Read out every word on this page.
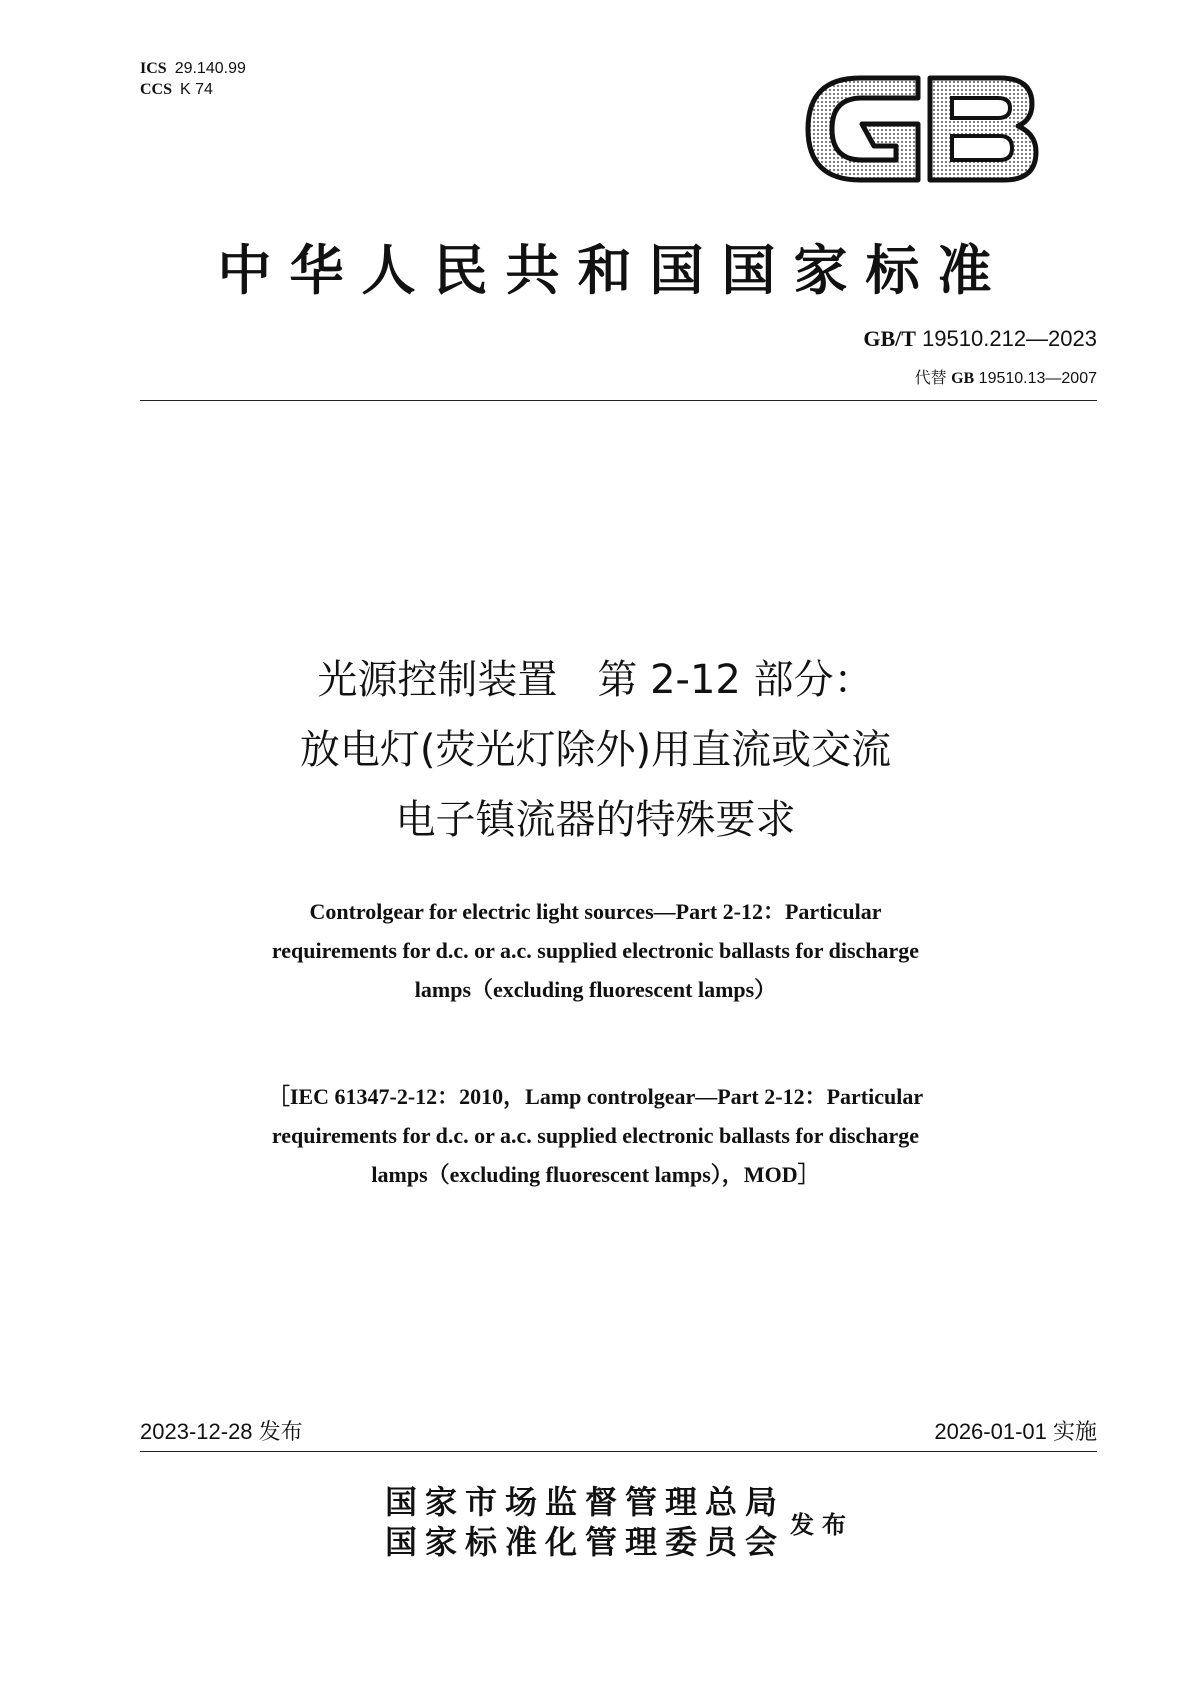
ICS 29.140.99
CCS K 74
中华人民共和国国家标准
GB/T 19510.212—2023
代替 GB 19510.13—2007
光源控制装置　第 2-12 部分：
放电灯(荧光灯除外)用直流或交流
电子镇流器的特殊要求
Controlgear for electric light sources—Part 2-12：Particular
requirements for d.c. or a.c. supplied electronic ballasts for discharge
lamps（excluding fluorescent lamps）
［IEC 61347-2-12：2010，Lamp controlgear—Part 2-12：Particular
requirements for d.c. or a.c. supplied electronic ballasts for discharge
lamps（excluding fluorescent lamps），MOD］
2023-12-28 发布	2026-01-01 实施
国家市场监督管理总局
国家标准化管理委员会 发布
